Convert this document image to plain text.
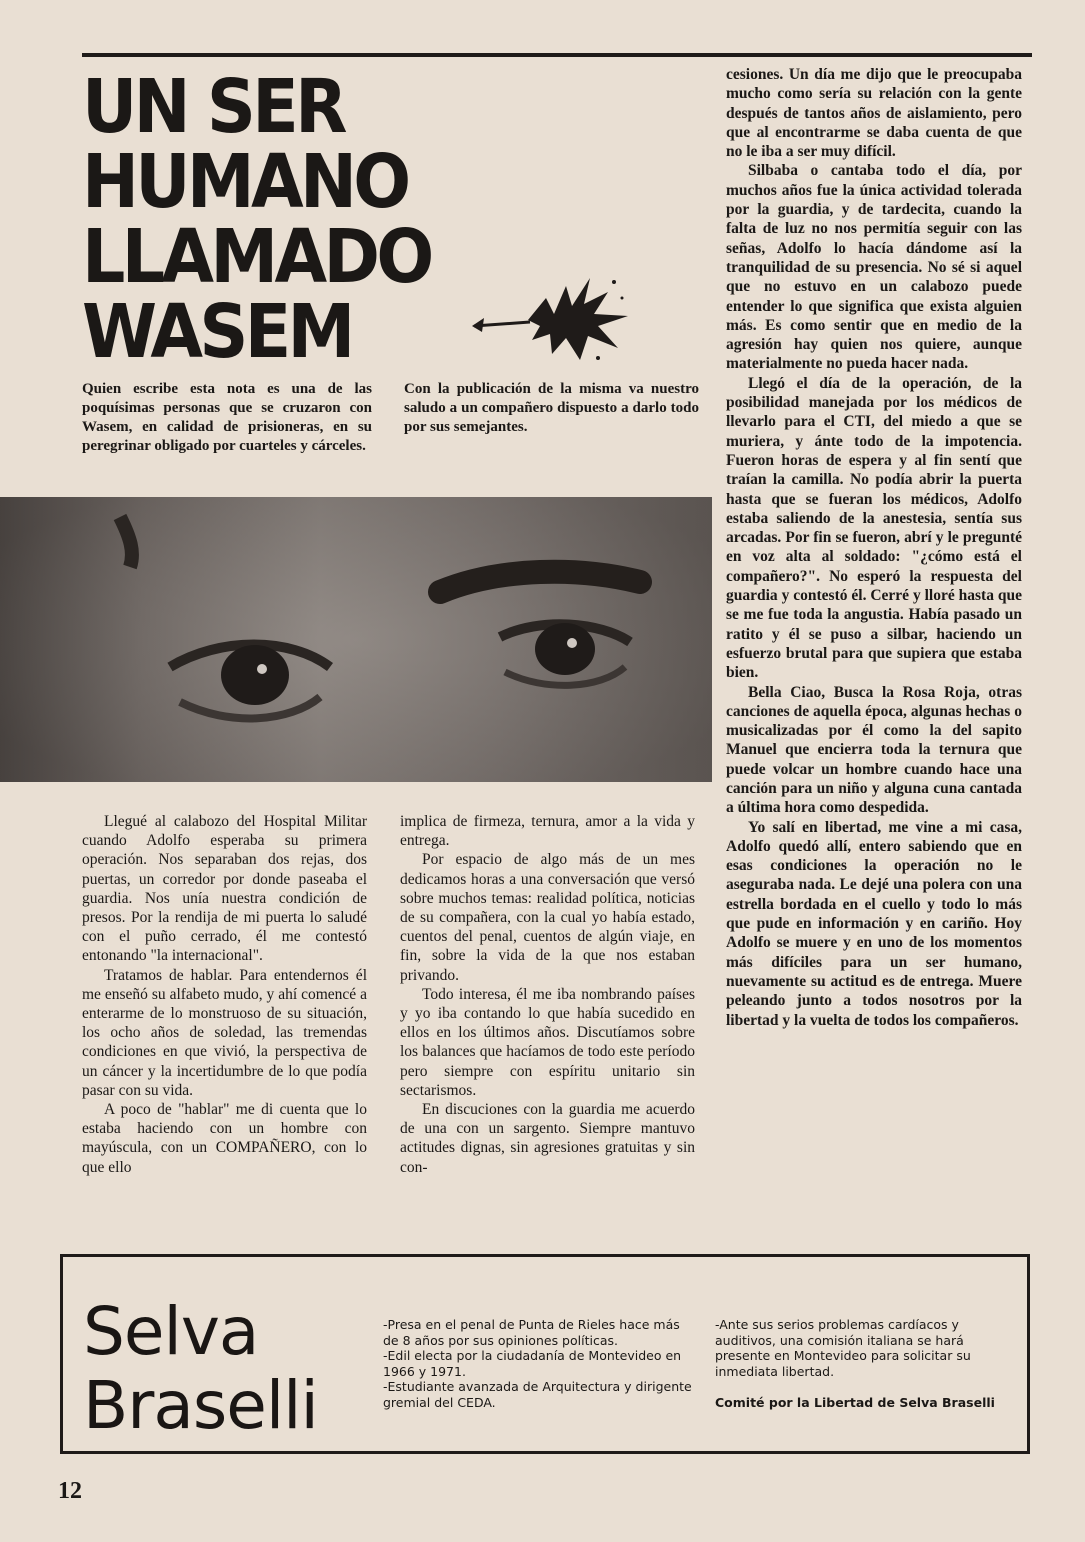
UN SER
HUMANO
LLAMADO
WASEM
Quien escribe esta nota es una de las poquísimas personas que se cruzaron con Wasem, en calidad de prisioneras, en su peregrinar obligado por cuarteles y cárceles.
Con la publicación de la misma va nuestro saludo a un compañero dispuesto a darlo todo por sus semejantes.

Llegué al calabozo del Hospital Militar cuando Adolfo esperaba su primera operación. Nos separaban dos rejas, dos puertas, un corredor por donde paseaba el guardia. Nos unía nuestra condición de presos. Por la rendija de mi puerta lo saludé con el puño cerrado, él me contestó entonando "la internacional".

Tratamos de hablar. Para entendernos él me enseñó su alfabeto mudo, y ahí comencé a enterarme de lo monstruoso de su situación, los ocho años de soledad, las tremendas condiciones en que vivió, la perspectiva de un cáncer y la incertidumbre de lo que podía pasar con su vida.

A poco de "hablar" me di cuenta que lo estaba haciendo con un hombre con mayúscula, con un COMPAÑERO, con lo que ello

implica de firmeza, ternura, amor a la vida y entrega.

Por espacio de algo más de un mes dedicamos horas a una conversación que versó sobre muchos temas: realidad política, noticias de su compañera, con la cual yo había estado, cuentos del penal, cuentos de algún viaje, en fin, sobre la vida de la que nos estaban privando.

Todo interesa, él me iba nombrando países y yo iba contando lo que había sucedido en ellos en los últimos años. Discutíamos sobre los balances que hacíamos de todo este período pero siempre con espíritu unitario sin sectarismos.

En discuciones con la guardia me acuerdo de una con un sargento. Siempre mantuvo actitudes dignas, sin agresiones gratuitas y sin con-

cesiones. Un día me dijo que le preocupaba mucho como sería su relación con la gente después de tantos años de aislamiento, pero que al encontrarme se daba cuenta de que no le iba a ser muy difícil.

Silbaba o cantaba todo el día, por muchos años fue la única actividad tolerada por la guardia, y de tardecita, cuando la falta de luz no nos permitía seguir con las señas, Adolfo lo hacía dándome así la tranquilidad de su presencia. No sé si aquel que no estuvo en un calabozo puede entender lo que significa que exista alguien más. Es como sentir que en medio de la agresión hay quien nos quiere, aunque materialmente no pueda hacer nada.

Llegó el día de la operación, de la posibilidad manejada por los médicos de llevarlo para el CTI, del miedo a que se muriera, y ánte todo de la impotencia. Fueron horas de espera y al fin sentí que traían la camilla. No podía abrir la puerta hasta que se fueran los médicos, Adolfo estaba saliendo de la anestesia, sentía sus arcadas. Por fin se fueron, abrí y le pregunté en voz alta al soldado: "¿cómo está el compañero?". No esperó la respuesta del guardia y contestó él. Cerré y lloré hasta que se me fue toda la angustia. Había pasado un ratito y él se puso a silbar, haciendo un esfuerzo brutal para que supiera que estaba bien.

Bella Ciao, Busca la Rosa Roja, otras canciones de aquella época, algunas hechas o musicalizadas por él como la del sapito Manuel que encierra toda la ternura que puede volcar un hombre cuando hace una canción para un niño y alguna cuna cantada a última hora como despedida.

Yo salí en libertad, me vine a mi casa, Adolfo quedó allí, entero sabiendo que en esas condiciones la operación no le aseguraba nada. Le dejé una polera con una estrella bordada en el cuello y todo lo más que pude en información y en cariño. Hoy Adolfo se muere y en uno de los momentos más difíciles para un ser humano, nuevamente su actitud es de entrega. Muere peleando junto a todos nosotros por la libertad y la vuelta de todos los compañeros.

Selva
Braselli

-Presa en el penal de Punta de Rieles hace más de 8 años por sus opiniones políticas.

-Edil electa por la ciudadanía de Montevideo en 1966 y 1971.

-Estudiante avanzada de Arquitectura y dirigente gremial del CEDA.

-Ante sus serios problemas cardíacos y auditivos, una comisión italiana se hará presente en Montevideo para solicitar su inmediata libertad.

Comité por la Libertad de Selva Braselli

12
